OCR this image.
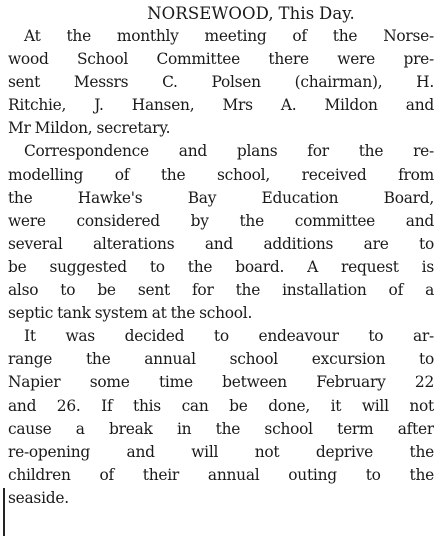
NORSEWOOD, This Day.
At the monthly meeting of the Norse-
wood School Committee there were pre-
sent Messrs C. Polsen (chairman), H.
Ritchie, J. Hansen, Mrs A. Mildon and
Mr Mildon, secretary.
Correspondence and plans for the re-
modelling of the school, received from
the Hawke's Bay Education Board,
were considered by the committee and
several alterations and additions are to
be suggested to the board. A request is
also to be sent for the installation of a
septic tank system at the school.
It was decided to endeavour to ar-
range the annual school excursion to
Napier some time between February 22
and 26. If this can be done, it will not
cause a break in the school term after
re-opening and will not deprive the
children of their annual outing to the
seaside.
